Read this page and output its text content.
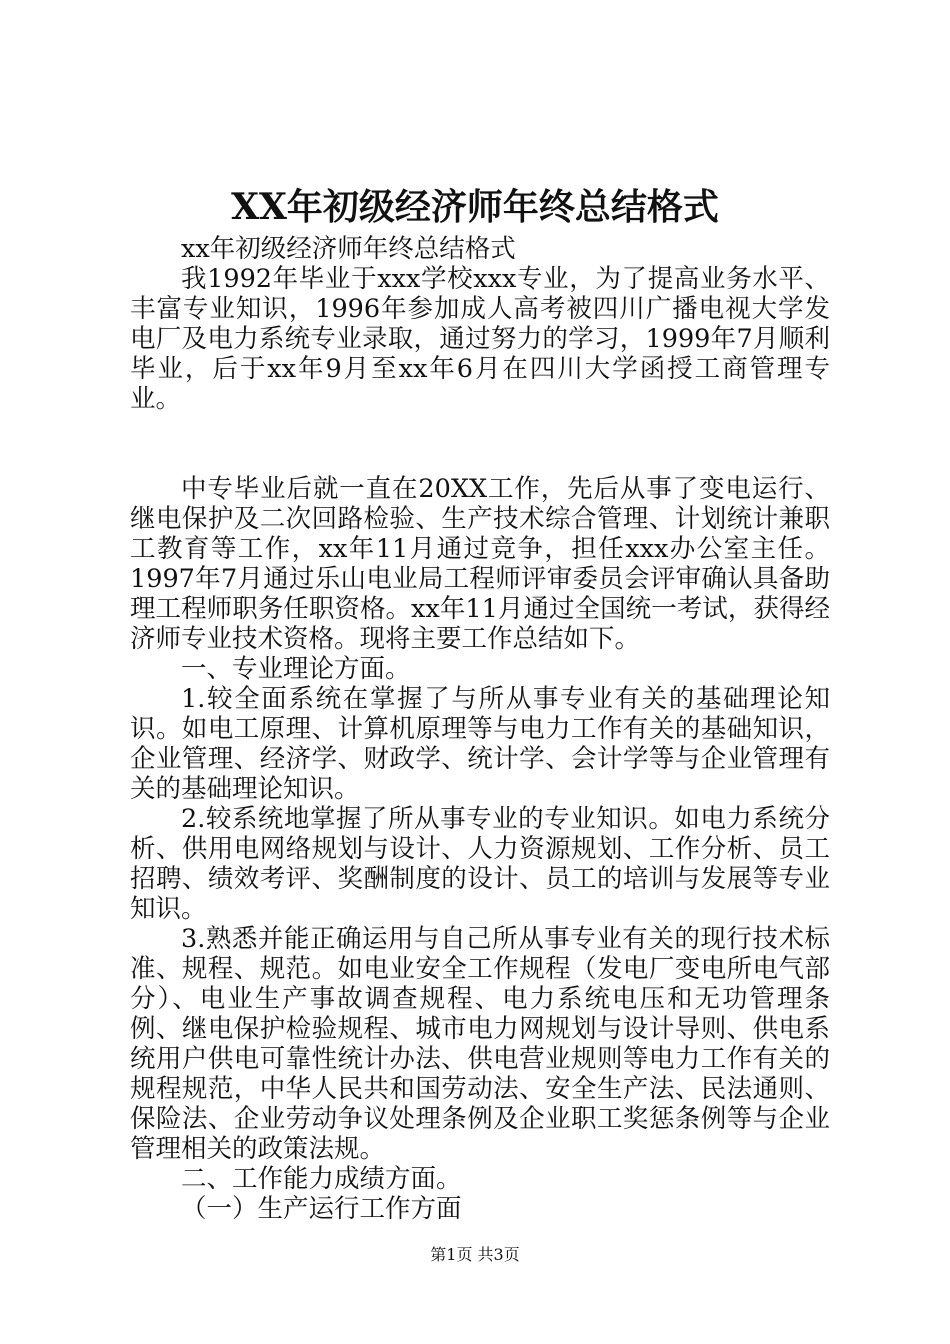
XX年初级经济师年终总结格式

xx年初级经济师年终总结格式

我1992年毕业于xxx学校xxx专业，为了提高业务水平、丰富专业知识，1996年参加成人高考被四川广播电视大学发电厂及电力系统专业录取，通过努力的学习，1999年7月顺利毕业，后于xx年9月至xx年6月在四川大学函授工商管理专业。

中专毕业后就一直在20XX工作，先后从事了变电运行、继电保护及二次回路检验、生产技术综合管理、计划统计兼职工教育等工作，xx年11月通过竞争，担任xxx办公室主任。1997年7月通过乐山电业局工程师评审委员会评审确认具备助理工程师职务任职资格。xx年11月通过全国统一考试，获得经济师专业技术资格。现将主要工作总结如下。

一、专业理论方面。

1.较全面系统在掌握了与所从事专业有关的基础理论知识。如电工原理、计算机原理等与电力工作有关的基础知识，企业管理、经济学、财政学、统计学、会计学等与企业管理有关的基础理论知识。

2.较系统地掌握了所从事专业的专业知识。如电力系统分析、供用电网络规划与设计、人力资源规划、工作分析、员工招聘、绩效考评、奖酬制度的设计、员工的培训与发展等专业知识。

3.熟悉并能正确运用与自己所从事专业有关的现行技术标准、规程、规范。如电业安全工作规程（发电厂变电所电气部分）、电业生产事故调查规程、电力系统电压和无功管理条例、继电保护检验规程、城市电力网规划与设计导则、供电系统用户供电可靠性统计办法、供电营业规则等电力工作有关的规程规范，中华人民共和国劳动法、安全生产法、民法通则、保险法、企业劳动争议处理条例及企业职工奖惩条例等与企业管理相关的政策法规。

二、工作能力成绩方面。

（一）生产运行工作方面

第1页 共3页
